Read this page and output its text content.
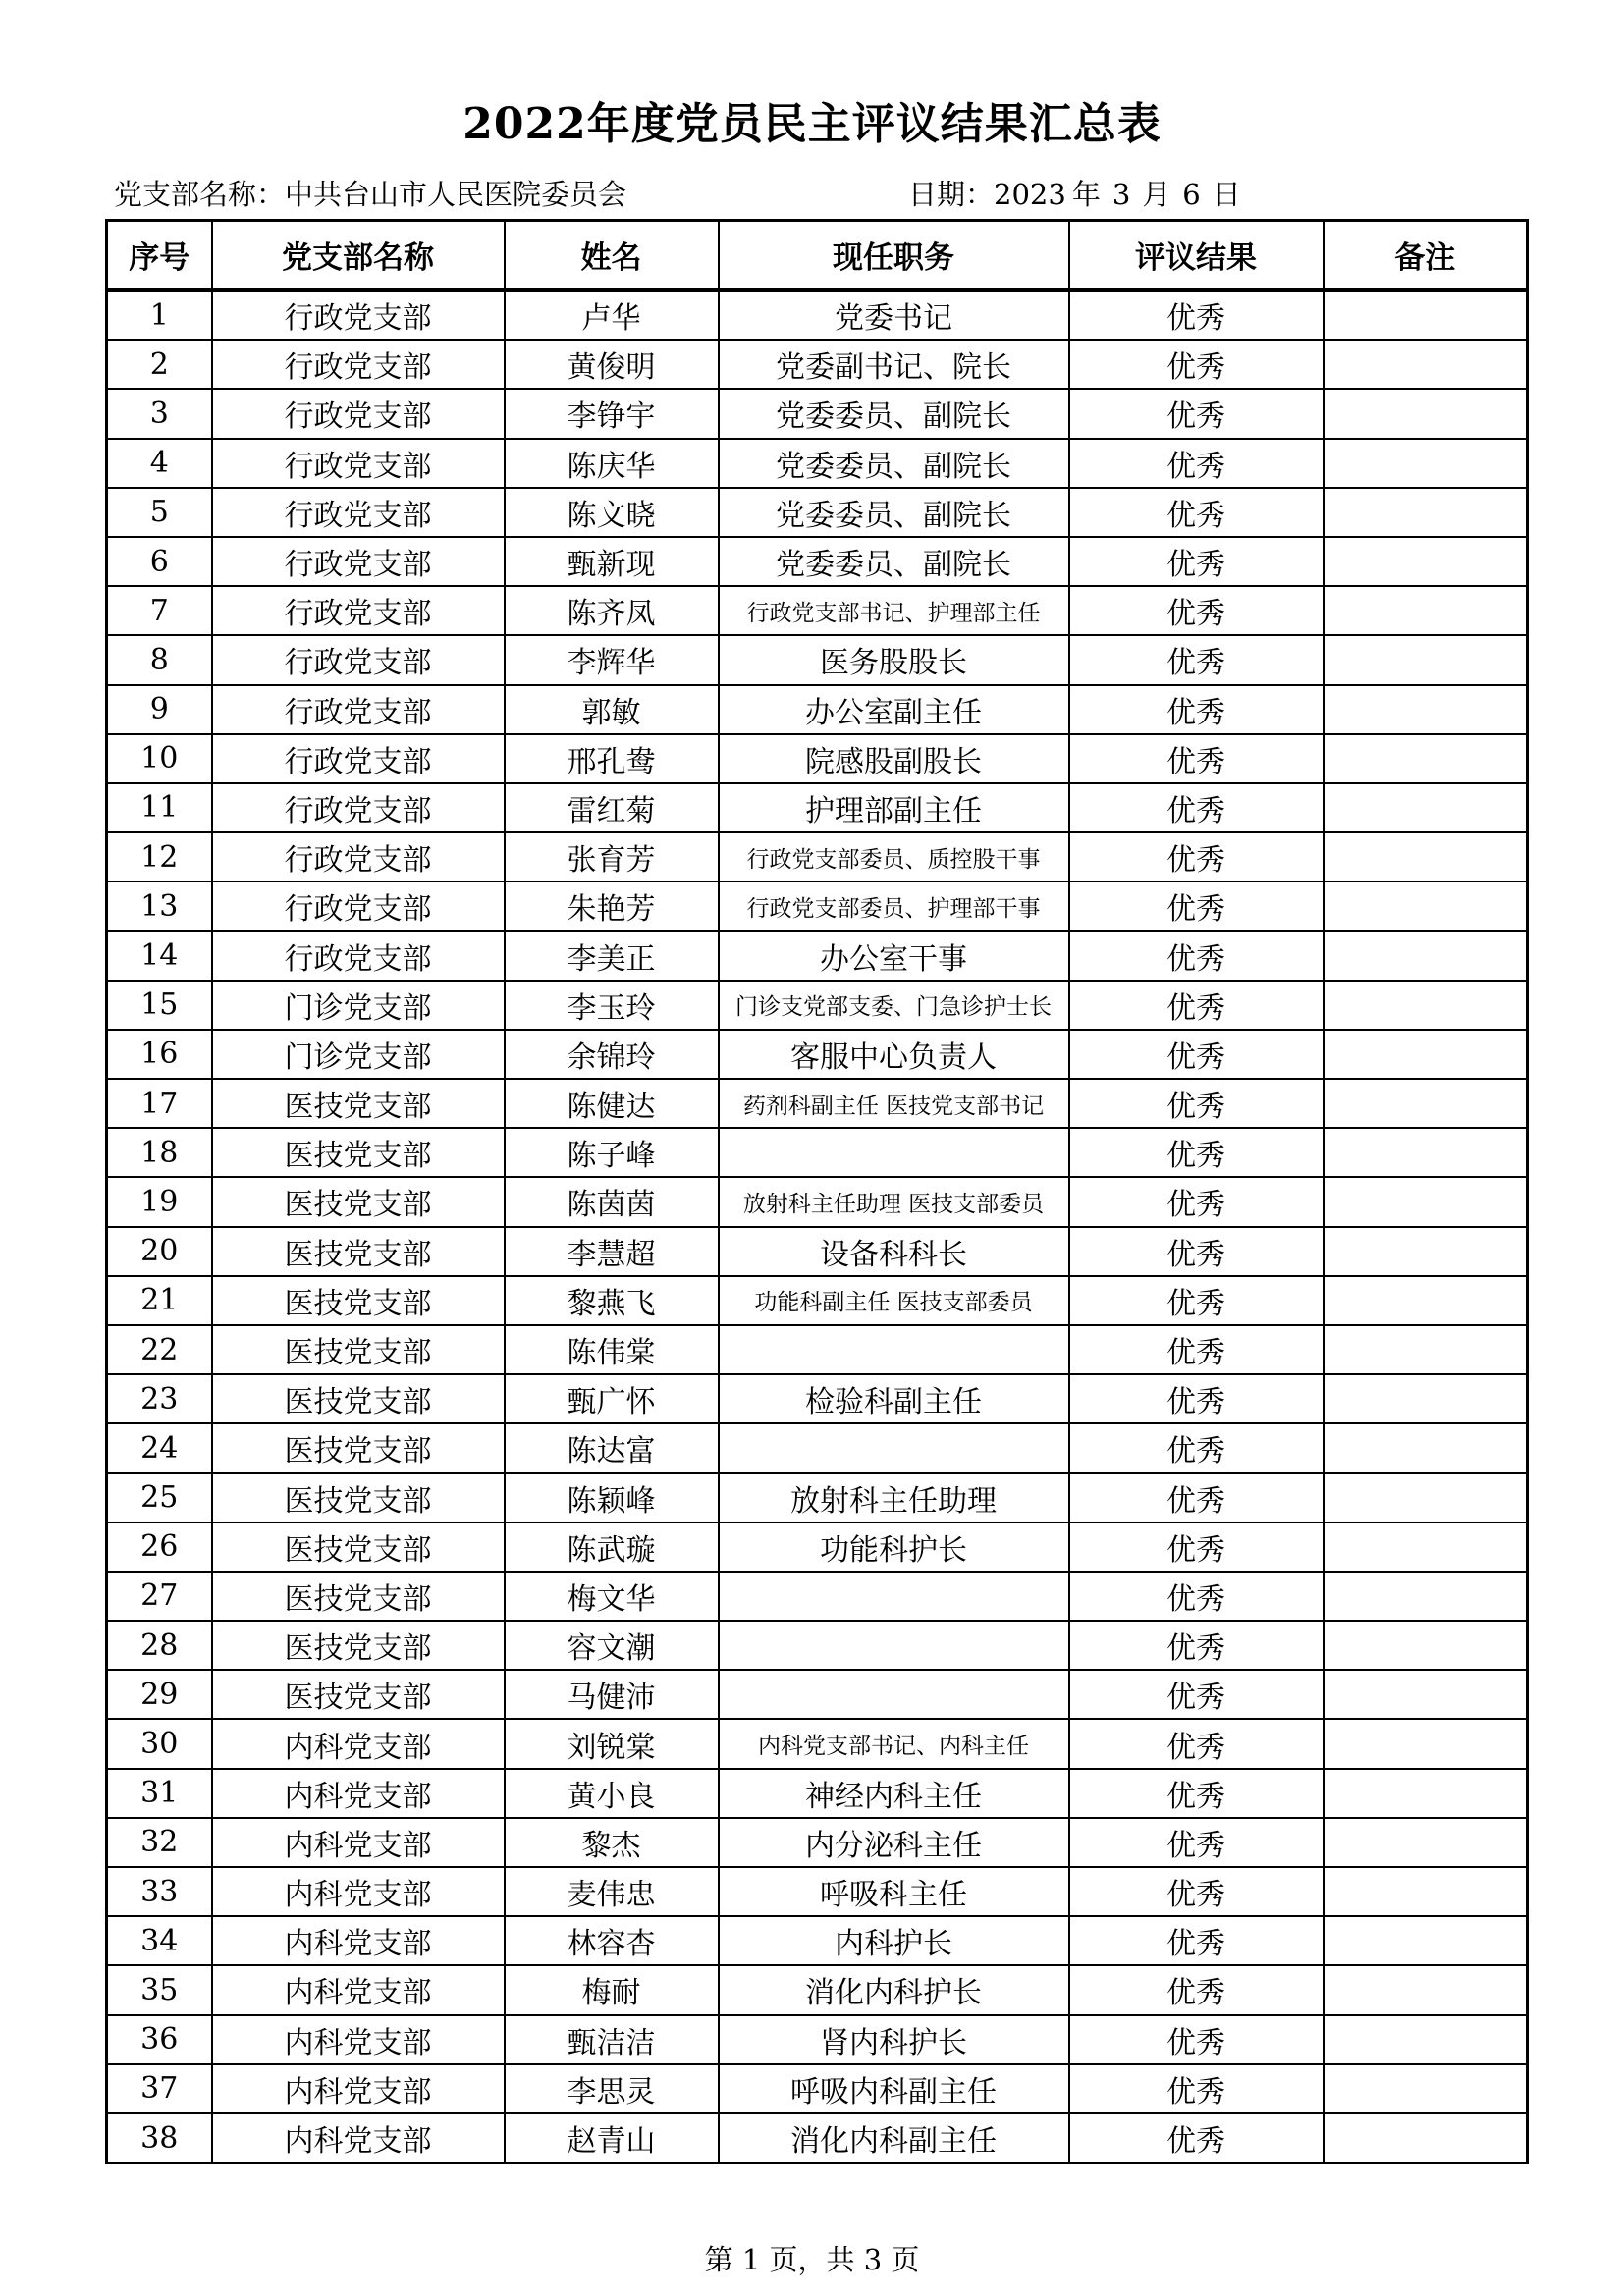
2022年度党员民主评议结果汇总表
党支部名称：中共台山市人民医院委员会	日期：2023 年 3 月 6 日
序号	党支部名称	姓名	现任职务	评议结果	备注
1	行政党支部	卢华	党委书记	优秀	
2	行政党支部	黄俊明	党委副书记、院长	优秀	
3	行政党支部	李铮宇	党委委员、副院长	优秀	
4	行政党支部	陈庆华	党委委员、副院长	优秀	
5	行政党支部	陈文晓	党委委员、副院长	优秀	
6	行政党支部	甄新现	党委委员、副院长	优秀	
7	行政党支部	陈齐凤	行政党支部书记、护理部主任	优秀	
8	行政党支部	李辉华	医务股股长	优秀	
9	行政党支部	郭敏	办公室副主任	优秀	
10	行政党支部	邢孔鸯	院感股副股长	优秀	
11	行政党支部	雷红菊	护理部副主任	优秀	
12	行政党支部	张育芳	行政党支部委员、质控股干事	优秀	
13	行政党支部	朱艳芳	行政党支部委员、护理部干事	优秀	
14	行政党支部	李美正	办公室干事	优秀	
15	门诊党支部	李玉玲	门诊支党部支委、门急诊护士长	优秀	
16	门诊党支部	余锦玲	客服中心负责人	优秀	
17	医技党支部	陈健达	药剂科副主任 医技党支部书记	优秀	
18	医技党支部	陈子峰		优秀	
19	医技党支部	陈茵茵	放射科主任助理 医技支部委员	优秀	
20	医技党支部	李慧超	设备科科长	优秀	
21	医技党支部	黎燕飞	功能科副主任 医技支部委员	优秀	
22	医技党支部	陈伟棠		优秀	
23	医技党支部	甄广怀	检验科副主任	优秀	
24	医技党支部	陈达富		优秀	
25	医技党支部	陈颖峰	放射科主任助理	优秀	
26	医技党支部	陈武璇	功能科护长	优秀	
27	医技党支部	梅文华		优秀	
28	医技党支部	容文潮		优秀	
29	医技党支部	马健沛		优秀	
30	内科党支部	刘锐棠	内科党支部书记、内科主任	优秀	
31	内科党支部	黄小良	神经内科主任	优秀	
32	内科党支部	黎杰	内分泌科主任	优秀	
33	内科党支部	麦伟忠	呼吸科主任	优秀	
34	内科党支部	林容杏	内科护长	优秀	
35	内科党支部	梅耐	消化内科护长	优秀	
36	内科党支部	甄洁洁	肾内科护长	优秀	
37	内科党支部	李思灵	呼吸内科副主任	优秀	
38	内科党支部	赵青山	消化内科副主任	优秀	
第 1 页，共 3 页
